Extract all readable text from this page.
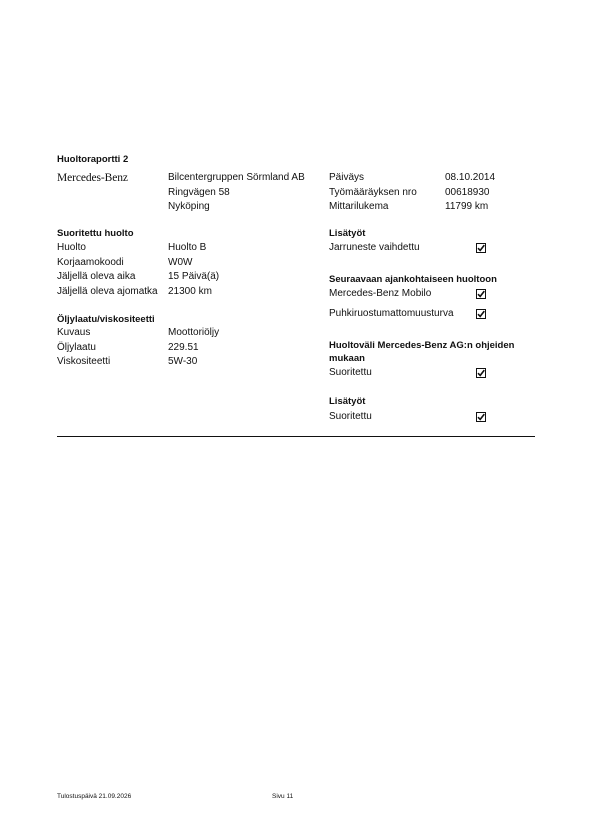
Huoltoraportti 2
Mercedes-Benz	Bilcentergruppen Sörmland AB
Ringvägen 58
Nyköping
Päiväys	08.10.2014
Työmääräyksen nro	00618930
Mittarilukema	11799 km
Suoritettu huolto
Huolto	Huolto B
Korjaamokoodi	W0W
Jäljellä oleva aika	15 Päivä(ä)
Jäljellä oleva ajomatka 21300 km
Öljylaatu/viskositeetti
Kuvaus	Moottoriöljy
Öljylaatu	229.51
Viskositeetti	5W-30
Lisätyöt
Jarruneste vaihdettu
Seuraavaan ajankohtaiseen huoltoon
Mercedes-Benz Mobilo
Puhkiruostumattomuusturva
Huoltoväli Mercedes-Benz AG:n ohjeiden mukaan
Suoritettu
Lisätyöt
Suoritettu
Tulostuspäivä 21.09.2026	Sivu 11
